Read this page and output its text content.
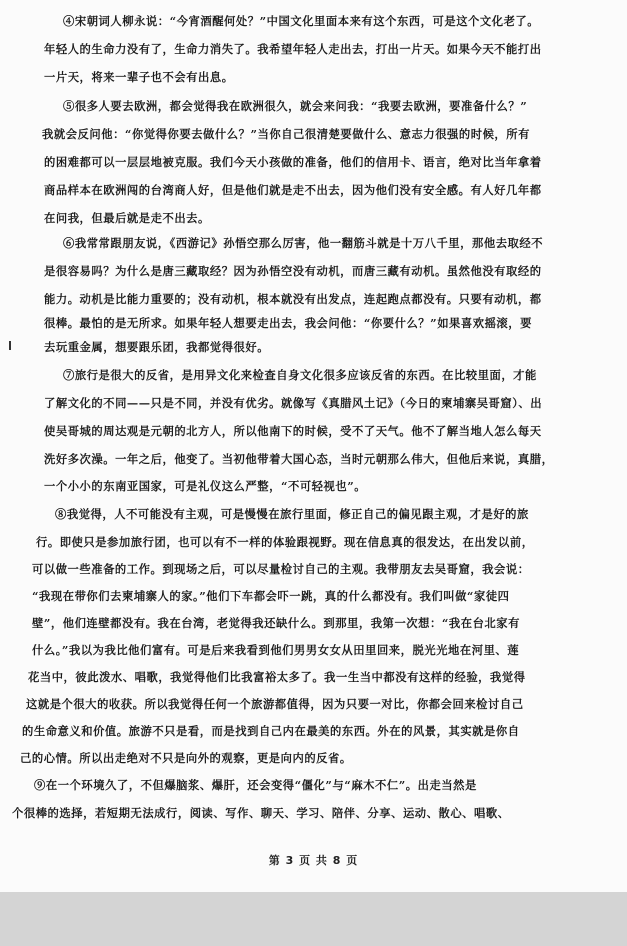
④宋朝词人柳永说：“今宵酒醒何处？”中国文化里面本来有这个东西，可是这个文化老了。

年轻人的生命力没有了，生命力消失了。我希望年轻人走出去，打出一片天。如果今天不能打出

一片天，将来一辈子也不会有出息。

⑤很多人要去欧洲，都会觉得我在欧洲很久，就会来问我：“我要去欧洲，要准备什么？”

我就会反问他：“你觉得你要去做什么？”当你自己很清楚要做什么、意志力很强的时候，所有

的困难都可以一层层地被克服。我们今天小孩做的准备，他们的信用卡、语言，绝对比当年拿着

商品样本在欧洲闯的台湾商人好，但是他们就是走不出去，因为他们没有安全感。有人好几年都

在问我，但最后就是走不出去。

⑥我常常跟朋友说，《西游记》孙悟空那么厉害，他一翻筋斗就是十万八千里，那他去取经不

是很容易吗？为什么是唐三藏取经？因为孙悟空没有动机，而唐三藏有动机。虽然他没有取经的

能力。动机是比能力重要的；没有动机，根本就没有出发点，连起跑点都没有。只要有动机，都

很棒。最怕的是无所求。如果年轻人想要走出去，我会问他：“你要什么？”如果喜欢摇滚，要

去玩重金属，想要跟乐团，我都觉得很好。

⑦旅行是很大的反省，是用异文化来检查自身文化很多应该反省的东西。在比较里面，才能

了解文化的不同——只是不同，并没有优劣。就像写《真腊风土记》（今日的柬埔寨吴哥窟）、出

使吴哥城的周达观是元朝的北方人，所以他南下的时候，受不了天气。他不了解当地人怎么每天

洗好多次澡。一年之后，他变了。当初他带着大国心态，当时元朝那么伟大，但他后来说，真腊，

一个小小的东南亚国家，可是礼仪这么严整，“不可轻视也”。

⑧我觉得，人不可能没有主观，可是慢慢在旅行里面，修正自己的偏见跟主观，才是好的旅

行。即使只是参加旅行团，也可以有不一样的体验跟视野。现在信息真的很发达，在出发以前，

可以做一些准备的工作。到现场之后，可以尽量检讨自己的主观。我带朋友去吴哥窟，我会说：

“我现在带你们去柬埔寨人的家。”他们下车都会吓一跳，真的什么都没有。我们叫做“家徒四

壁”，他们连壁都没有。我在台湾，老觉得我还缺什么。到那里，我第一次想：“我在台北家有

什么。”我以为我比他们富有。可是后来我看到他们男男女女从田里回来，脱光光地在河里、莲

花当中，彼此泼水、唱歌，我觉得他们比我富裕太多了。我一生当中都没有这样的经验，我觉得

这就是个很大的收获。所以我觉得任何一个旅游都值得，因为只要一对比，你都会回来检讨自己

的生命意义和价值。旅游不只是看，而是找到自己内在最美的东西。外在的风景，其实就是你自

己的心情。所以出走绝对不只是向外的观察，更是向内的反省。

⑨在一个环境久了，不但爆脑浆、爆肝，还会变得“僵化”与“麻木不仁”。出走当然是

个很棒的选择，若短期无法成行，阅读、写作、聊天、学习、陪伴、分享、运动、散心、唱歌、

第 3 页 共 8 页
